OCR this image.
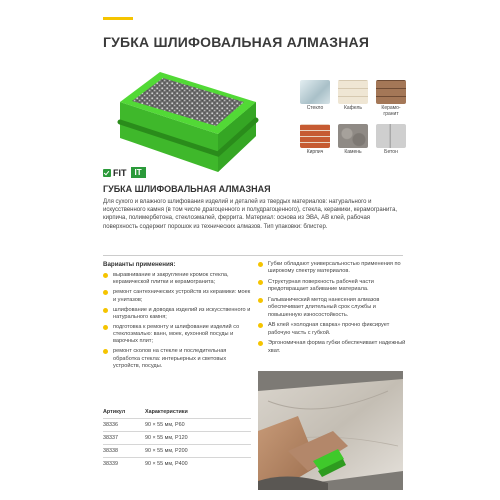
ГУБКА ШЛИФОВАЛЬНАЯ АЛМАЗНАЯ
Стекло	Кафель	Керамо-гранит
Кирпич	Камень	Бетон
FIT	IT
ГУБКА ШЛИФОВАЛЬНАЯ АЛМАЗНАЯ

Для сухого и влажного шлифования изделий и деталей из твердых материалов: натурального и искусственного камня (в том числе драгоценного и полудрагоценного), стекла, керамики, керамогранита, кирпича, полимербетона, стеклоэмалей, феррита. Материал: основа из ЭВА, АВ клей, рабочая поверхность содержит порошок из технических алмазов. Тип упаковки: блистер.

Варианты применения:
выравнивание и закругление кромок стекла, керамической плитки и керамогранита;
ремонт сантехнических устройств из керамики: моек и унитазов;
шлифование и доводка изделий из искусственного и натурального камня;
подготовка к ремонту и шлифование изделий со стеклоэмалью: ванн, моек, кухонной посуды и варочных плит;
ремонт сколов на стекле и последительная обработка стекла: интерьерных и световых устройств, посуды.
Губки обладают универсальностью применения по широкому спектру материалов.
Структурная поверхность рабочей части предотвращает забивание материала.
Гальванический метод нанесения алмазов обеспечивает длительный срок службы и повышенную износостойкость.
АВ клей «холодная сварка» прочно фиксирует рабочую часть с губкой.
Эргономичная форма губки обеспечивает надежный хват.
Артикул	Характеристики
38336	90 × 55 мм, P60
38337	90 × 55 мм, P120
38338	90 × 55 мм, P200
38339	90 × 55 мм, P400
